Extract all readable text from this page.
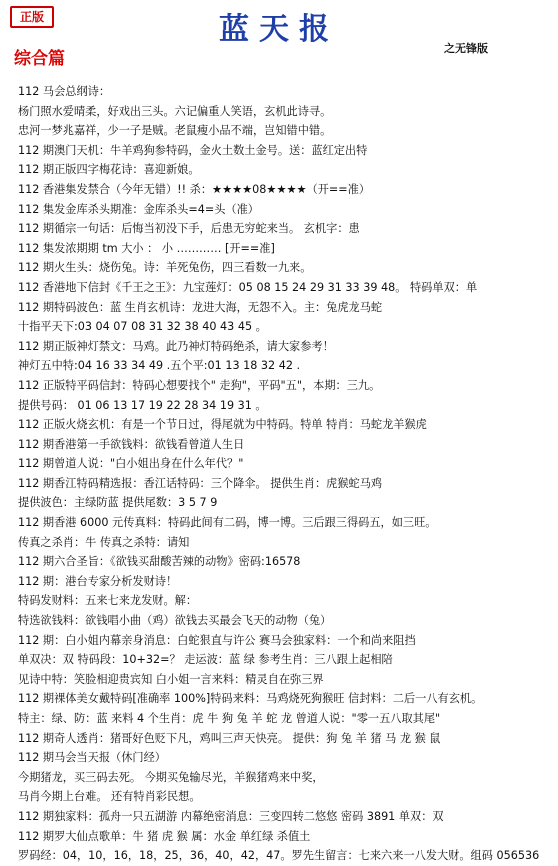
正版	蓝天报
之无锋版
综合篇
112 马会总纲诗：
杨门照水爱晴柔，好戏出三头。六记偏重人笑语，玄机此诗寻。
忠河一梦兆嘉祥，少一子是贼。老鼠瘦小品不端，岂知错中错。
112 期澳门天机：牛羊鸡狗参特码，金火土数土金号。送：蓝红定出特
112 期正版四字梅花诗：喜迎新娘。
112 香港集发禁合（今年无错）!! 杀：★★★★08★★★★（开==准）
112 集发金库杀头期准：金库杀头=4=头（准）
112 期循宗一句话：后悔当初没下手，后患无穷蛇来当。 玄机字：患
112 集发浓期期 tm 大小 ： 小 ………… [开==准]
112 期火生头：烧伤兔。诗：羊死兔伤，四三看数一九来。
112 香港地下信封《千王之王》：九宝莲灯：05 08 15 24 29 31 33 39 48。 特码单双：单
112 期特码波色：蓝 生肖玄机诗：龙进大海，无怨不入。主：兔虎龙马蛇
十指平天下:03 04 07 08 31 32 38 40 43 45 。
112 期正版神灯禁文：马鸡。此乃神灯特码绝杀，请大家参考！
神灯五中特:04 16 33 34 49 .五个平:01 13 18 32 42 .
112 正版特平码信封：特码心想要找个" 走狗"，平码"五"，本期：三九。
提供号码： 01 06 13 17 19 22 28 34 19 31 。
112 正版火烧玄机：有是一个节日过，得尾就为中特码。特单 特肖：马蛇龙羊猴虎
112 期香港第一手欲钱料：欲钱看曾道人生日
112 期曾道人说："白小姐出身在什么年代？"
112 期香江特码精选报：香江话特码：三个降伞。 提供生肖：虎猴蛇马鸡
提供波色：主绿防蓝 提供尾数：3 5 7 9
112 期香港 6000 元传真料：特码此间有二码，博一博。三后跟三得码五，如三旺。
传真之杀肖：牛 传真之杀特：请知
112 期六合圣旨：《欲钱买甜酸苦辣的动物》密码:16578
112 期：港台专家分析发财诗！
特码发财料：五来七来龙发财。解：
特选欲钱料：欲钱唱小曲（鸡）欲钱去买最会飞天的动物（兔）
112 期：白小姐内幕亲身消息：白蛇狠直与许公 赛马会独家料：一个和尚来阻挡
单双决：双 特码段：10+32=？ 走运波：蓝 绿 参考生肖：三八跟上起相陪
见诗中特：笑脸相迎贵宾知 白小姐一言来料：精灵自在弥三界
112 期裸体美女戴特码[准确率 100%]特码来料：马鸡烧死狗猴旺 信封料：二后一八有玄机。
特主：绿、防：蓝 来料 4 个生肖：虎 牛 狗 兔 羊 蛇 龙 曾道人说："零一五八取其尾"
112 期奇人透肖：猪哥好色贬下凡，鸡叫三声天快亮。 提供：狗 兔 羊 猪 马 龙 猴 鼠
112 期马会当天报（休门经）
今期猪龙，买三码去死。 今期买兔输尽光，羊猴猪鸡来中奖，
马肖今期上台难。 还有特肖彩民想。
112 期独家料：孤舟一只五湖游 内幕绝密消息：三变四转二悠悠 密码 3891 单双：双
112 期罗大仙点歌单：牛 猪 虎 猴 属：水金 单红绿 杀值土
罗码经：04，10，16，18，25，36，40，42，47。罗先生留言：七来六来一八发大财。组码 056536
